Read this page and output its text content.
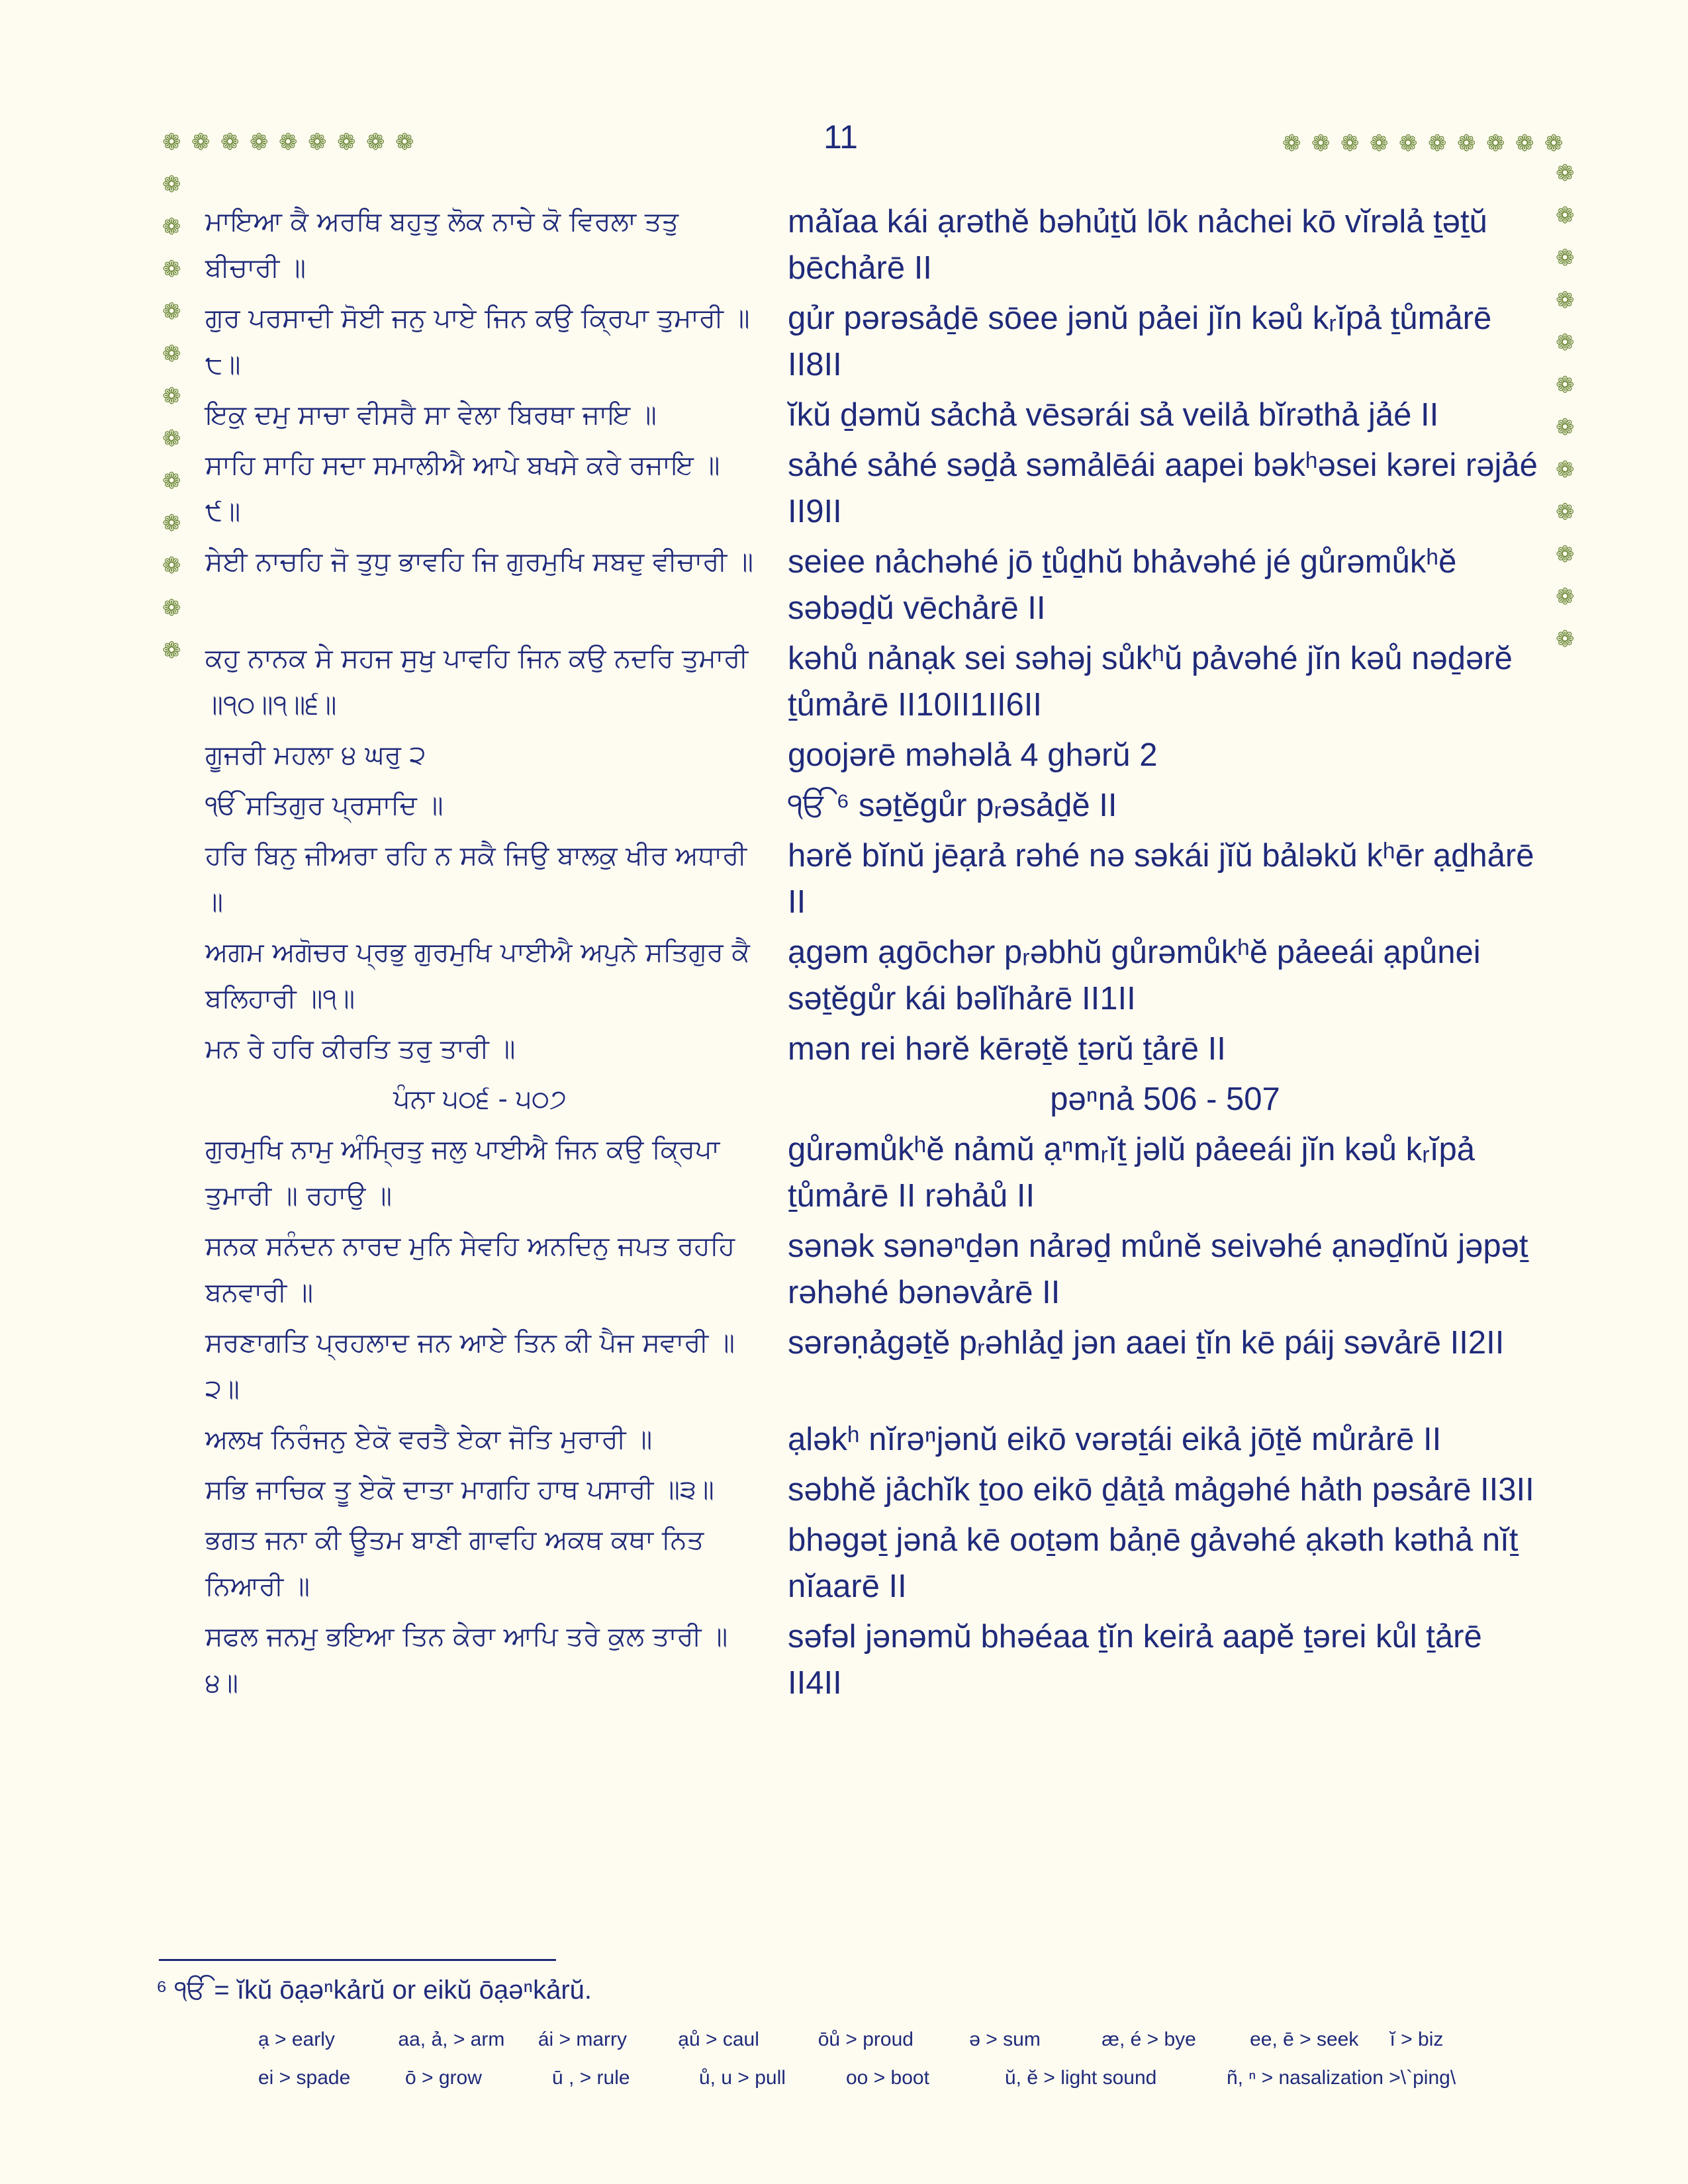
11
❁ ❁ ❁ ❁ ❁ ❁ ❁ ❁ ❁	❁ ❁ ❁ ❁ ❁ ❁ ❁ ❁ ❁ ❁
❁
❁
❁
❁
❁
❁
❁
❁
❁
❁
❁
❁
❁
❁
❁
❁
❁
❁
❁
❁
❁
❁
❁
❁
ਮਾਇਆ ਕੈ ਅਰਥਿ ਬਹੁਤੁ ਲੋਕ ਨਾਚੇ ਕੋ ਵਿਰਲਾ ਤਤੁ ਬੀਚਾਰੀ ॥
mảĭaa kái ạrəthĕ bəhủṯŭ lōk nảchei kō vĭrəlả ṯəṯŭ bēchảrē II
ਗੁਰ ਪਰਸਾਦੀ ਸੋਈ ਜਨੁ ਪਾਏ ਜਿਨ ਕਉ ਕ੍ਰਿਪਾ ਤੁਮਾਰੀ ॥੮॥
gủr pərəsảḏē sōee jənŭ pảei jĭn kəů kᵣĭpả ṯůmảrē II8II
ਇਕੁ ਦਮੁ ਸਾਚਾ ਵੀਸਰੈ ਸਾ ਵੇਲਾ ਬਿਰਥਾ ਜਾਇ ॥	ĭkŭ ḏəmŭ sảchả vēsərái sả veilả bĭrəthả jảé II
ਸਾਹਿ ਸਾਹਿ ਸਦਾ ਸਮਾਲੀਐ ਆਪੇ ਬਖਸੇ ਕਰੇ ਰਜਾਇ ॥੯॥
sảhé sảhé səḏả səmảlēái aapei bəkʰəsei kərei rəjảé II9II
ਸੇਈ ਨਾਚਹਿ ਜੋ ਤੁਧੁ ਭਾਵਹਿ ਜਿ ਗੁਰਮੁਖਿ ਸਬਦੁ ਵੀਚਾਰੀ ॥	seiee nảchəhé jō ṯůḏhŭ bhảvəhé jé gůrəmůkʰĕ səbəḏŭ vēchảrē II
ਕਹੁ ਨਾਨਕ ਸੇ ਸਹਜ ਸੁਖੁ ਪਾਵਹਿ ਜਿਨ ਕਉ ਨਦਰਿ ਤੁਮਾਰੀ ॥੧੦॥੧॥੬॥
kəhů nảnạk sei səhəj sůkʰŭ pảvəhé jĭn kəů nəḏərĕ ṯůmảrē II10II1II6II
ਗੂਜਰੀ ਮਹਲਾ ੪ ਘਰੁ ੨	goojərē məhəlả 4 ghərŭ 2
ੴ ਸਤਿਗੁਰ ਪ੍ਰਸਾਦਿ ॥	ੴ ⁶ səṯĕgůr pᵣəsảḏĕ II
ਹਰਿ ਬਿਨੁ ਜੀਅਰਾ ਰਹਿ ਨ ਸਕੈ ਜਿਉ ਬਾਲਕੁ ਖੀਰ ਅਧਾਰੀ ॥
hərĕ bĭnŭ jēạrả rəhé nə səkái jĭŭ bảləkŭ kʰēr ạḏhảrē II
ਅਗਮ ਅਗੋਚਰ ਪ੍ਰਭੁ ਗੁਰਮੁਖਿ ਪਾਈਐ ਅਪੁਨੇ ਸਤਿਗੁਰ ਕੈ ਬਲਿਹਾਰੀ ॥੧॥
ạgəm ạgōchər pᵣəbhŭ gůrəmůkʰĕ pảeeái ạpůnei səṯĕgůr kái bəlĭhảrē II1II
ਮਨ ਰੇ ਹਰਿ ਕੀਰਤਿ ਤਰੁ ਤਾਰੀ ॥	mən rei hərĕ kērəṯĕ ṯərŭ ṯảrē II
ਪੰਨਾ ੫੦੬ - ੫੦੭	pəⁿnả 506 - 507
ਗੁਰਮੁਖਿ ਨਾਮੁ ਅੰਮ੍ਰਿਤੁ ਜਲੁ ਪਾਈਐ ਜਿਨ ਕਉ ਕ੍ਰਿਪਾ ਤੁਮਾਰੀ ॥ ਰਹਾਉ ॥
gůrəmůkʰĕ nảmŭ ạⁿmᵣĭṯ jəlŭ pảeeái jĭn kəů kᵣĭpả ṯůmảrē II rəhảů II
ਸਨਕ ਸਨੰਦਨ ਨਾਰਦ ਮੁਨਿ ਸੇਵਹਿ ਅਨਦਿਨੁ ਜਪਤ ਰਹਹਿ ਬਨਵਾਰੀ ॥
sənək sənəⁿḏən nảrəḏ můnĕ seivəhé ạnəḏĭnŭ jəpəṯ rəhəhé bənəvảrē II
ਸਰਣਾਗਤਿ ਪ੍ਰਹਲਾਦ ਜਨ ਆਏ ਤਿਨ ਕੀ ਪੈਜ ਸਵਾਰੀ ॥੨॥
sərəṇảgəṯĕ pᵣəhlảḏ jən aaei ṯĭn kē páij səvảrē II2II
ਅਲਖ ਨਿਰੰਜਨੁ ਏਕੋ ਵਰਤੈ ਏਕਾ ਜੋਤਿ ਮੁਰਾਰੀ ॥	ạləkʰ nĭrəⁿjənŭ eikō vərəṯái eikả jōṯĕ můrảrē II
ਸਭਿ ਜਾਚਿਕ ਤੂ ਏਕੋ ਦਾਤਾ ਮਾਗਹਿ ਹਾਥ ਪਸਾਰੀ ॥੩॥	səbhĕ jảchĭk ṯoo eikō ḏảṯả mảgəhé hảth pəsảrē II3II
ਭਗਤ ਜਨਾ ਕੀ ਊਤਮ ਬਾਣੀ ਗਾਵਹਿ ਅਕਥ ਕਥਾ ਨਿਤ ਨਿਆਰੀ ॥
bhəgəṯ jənả kē ooṯəm bảṇē gảvəhé ạkəth kəthả nĭṯ nĭaarē II
ਸਫਲ ਜਨਮੁ ਭਇਆ ਤਿਨ ਕੇਰਾ ਆਪਿ ਤਰੇ ਕੁਲ ਤਾਰੀ ॥੪॥
səfəl jənəmŭ bhəéaa ṯĭn keirả aapĕ ṯərei kůl ṯảrē II4II
⁶ ੴ = ĭkŭ ōạəⁿkảrŭ or eikŭ ōạəⁿkảrŭ.
ạ > early	aa, ả, > arm	ái > marry	ạů > caul	ōů > proud	ə > sum	æ, é > bye	ee, ē > seek	ĭ > biz
ei > spade	ō > grow	ū , > rule	ů, u > pull	oo > boot	ŭ, ĕ > light sound	ñ, ⁿ > nasalization >\`ping\
